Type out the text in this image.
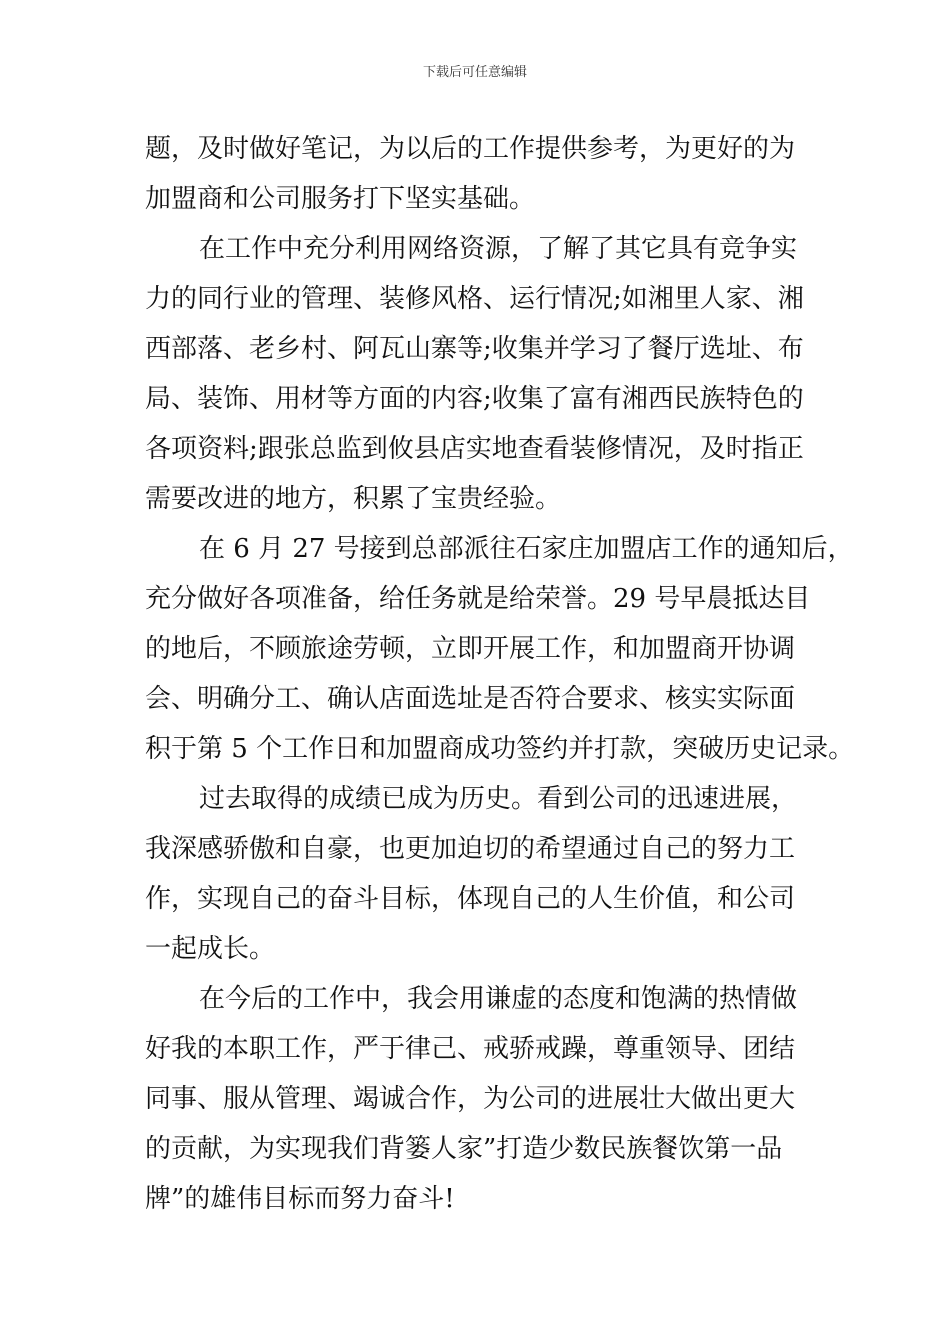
下载后可任意编辑
题，及时做好笔记，为以后的工作提供参考，为更好的为
加盟商和公司服务打下坚实基础。
在工作中充分利用网络资源，了解了其它具有竞争实
力的同行业的管理、装修风格、运行情况;如湘里人家、湘
西部落、老乡村、阿瓦山寨等;收集并学习了餐厅选址、布
局、装饰、用材等方面的内容;收集了富有湘西民族特色的
各项资料;跟张总监到攸县店实地查看装修情况，及时指正
需要改进的地方，积累了宝贵经验。
在 6 月 27 号接到总部派往石家庄加盟店工作的通知后，
充分做好各项准备，给任务就是给荣誉。29 号早晨抵达目
的地后，不顾旅途劳顿，立即开展工作，和加盟商开协调
会、明确分工、确认店面选址是否符合要求、核实实际面
积于第 5 个工作日和加盟商成功签约并打款，突破历史记录。
过去取得的成绩已成为历史。看到公司的迅速进展，
我深感骄傲和自豪，也更加迫切的希望通过自己的努力工
作，实现自己的奋斗目标，体现自己的人生价值，和公司
一起成长。
在今后的工作中，我会用谦虚的态度和饱满的热情做
好我的本职工作，严于律己、戒骄戒躁，尊重领导、团结
同事、服从管理、竭诚合作，为公司的进展壮大做出更大
的贡献，为实现我们背篓人家”打造少数民族餐饮第一品
牌”的雄伟目标而努力奋斗!
